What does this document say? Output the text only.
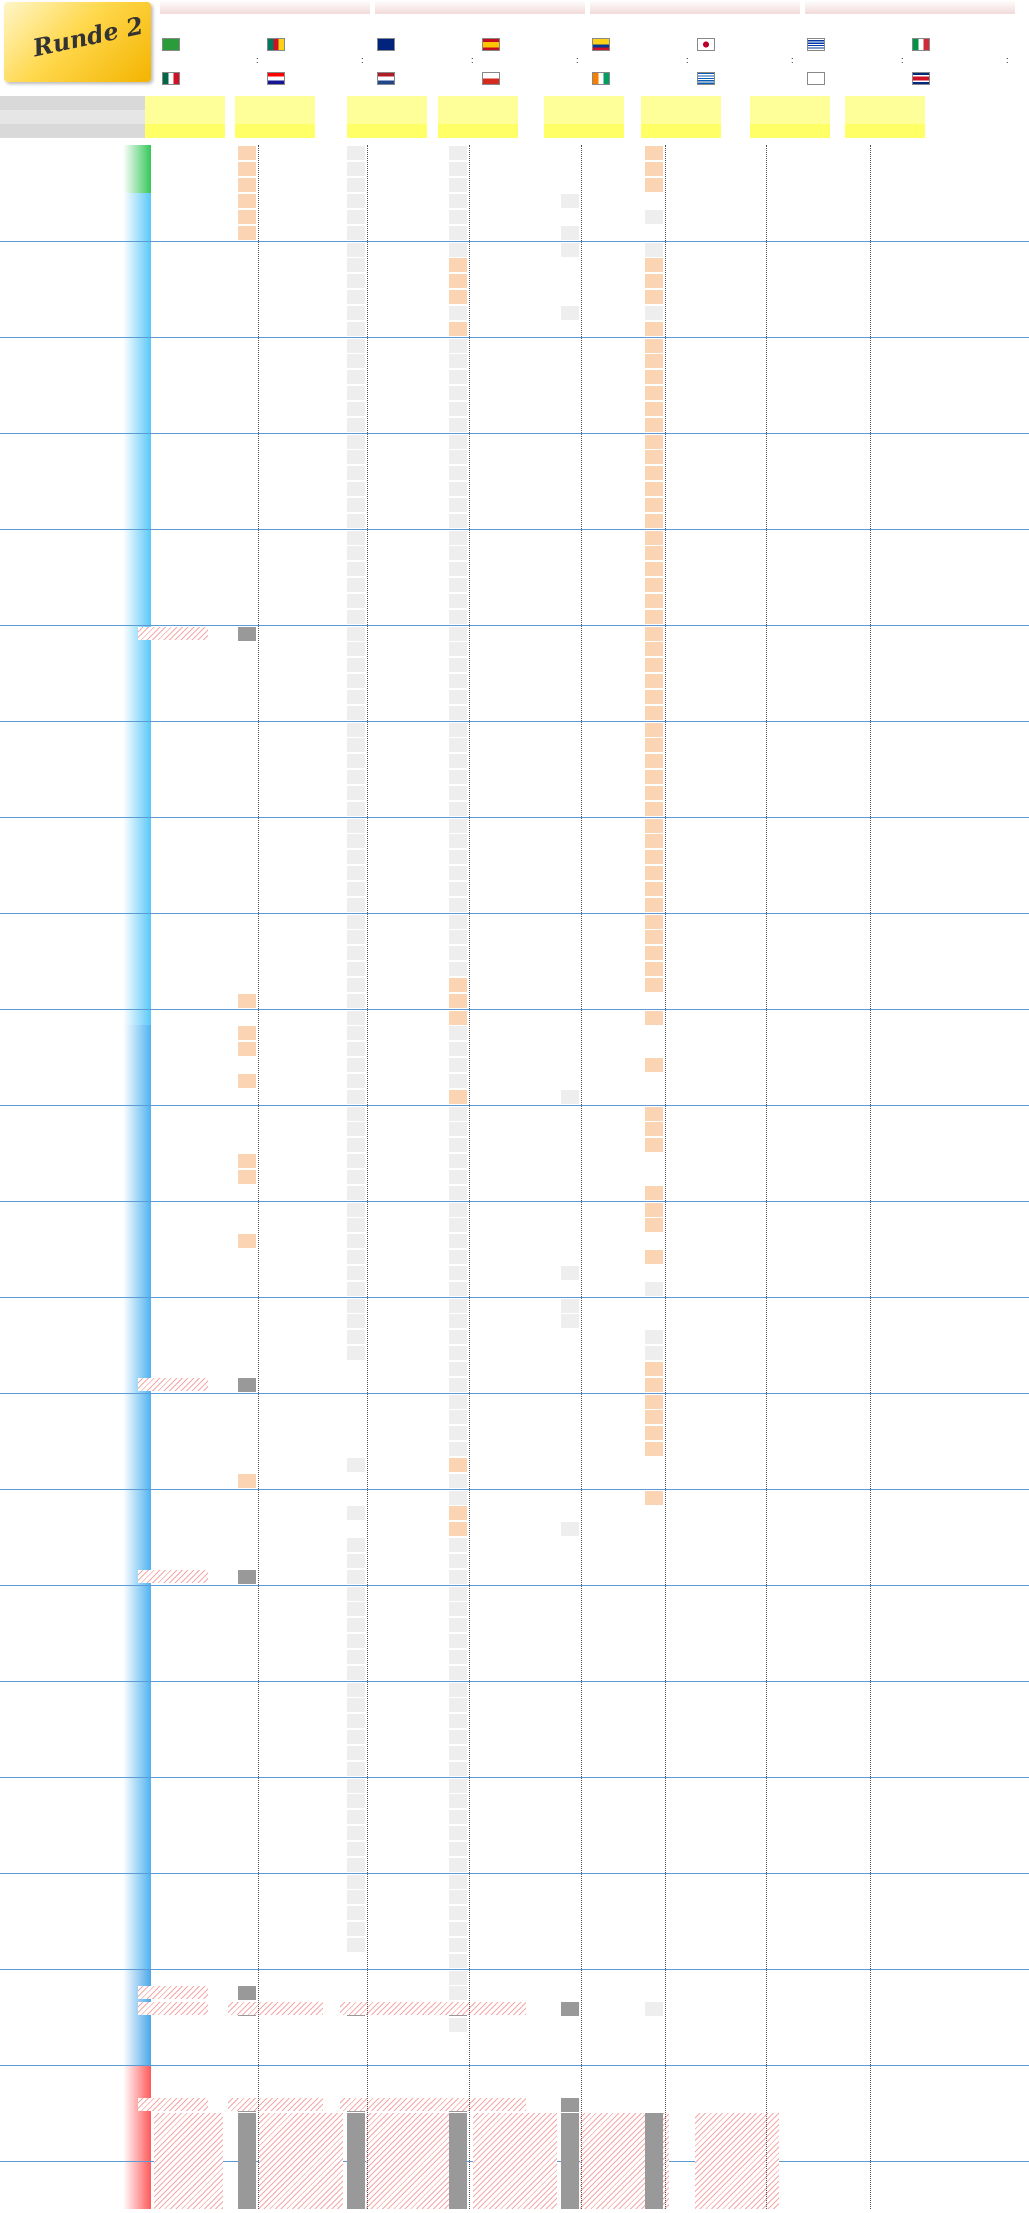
Runde 2	:	:	:	:	:	:	:	:
